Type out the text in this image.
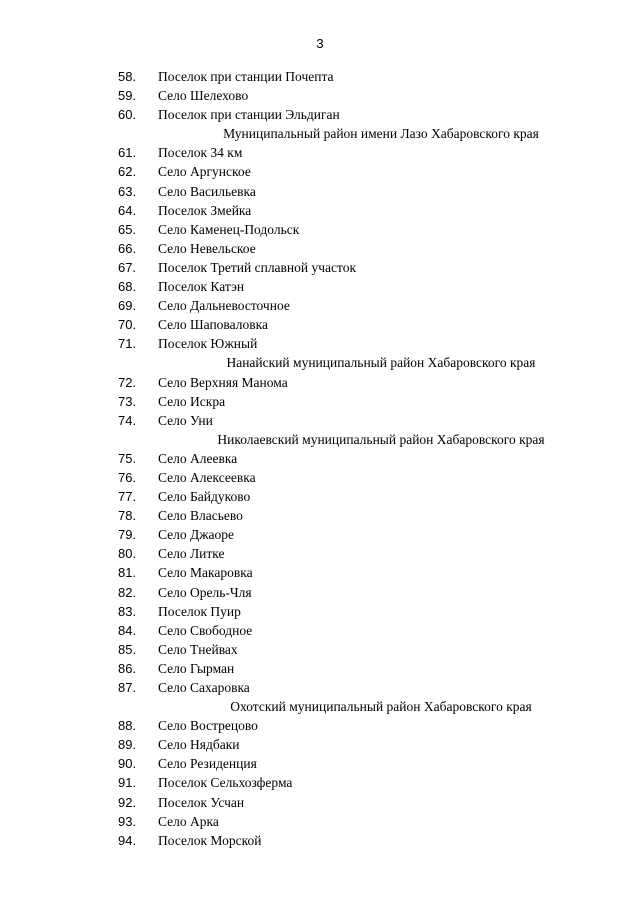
3
58. Поселок при станции Почепта
59. Село Шелехово
60. Поселок при станции Эльдиган
Муниципальный район имени Лазо Хабаровского края
61. Поселок 34 км
62. Село Аргунское
63. Село Васильевка
64. Поселок Змейка
65. Село Каменец-Подольск
66. Село Невельское
67. Поселок Третий сплавной участок
68. Поселок Катэн
69. Село Дальневосточное
70. Село Шаповаловка
71. Поселок Южный
Нанайский муниципальный район Хабаровского края
72. Село Верхняя Манома
73. Село Искра
74. Село Уни
Николаевский муниципальный район Хабаровского края
75. Село Алеевка
76. Село Алексеевка
77. Село Байдуково
78. Село Власьево
79. Село Джаоре
80. Село Литке
81. Село Макаровка
82. Село Орель-Чля
83. Поселок Пуир
84. Село Свободное
85. Село Тнейвах
86. Село Гырман
87. Село Сахаровка
Охотский муниципальный район Хабаровского края
88. Село Вострецово
89. Село Нядбаки
90. Село Резиденция
91. Поселок Сельхозферма
92. Поселок Усчан
93. Село Арка
94. Поселок Морской
